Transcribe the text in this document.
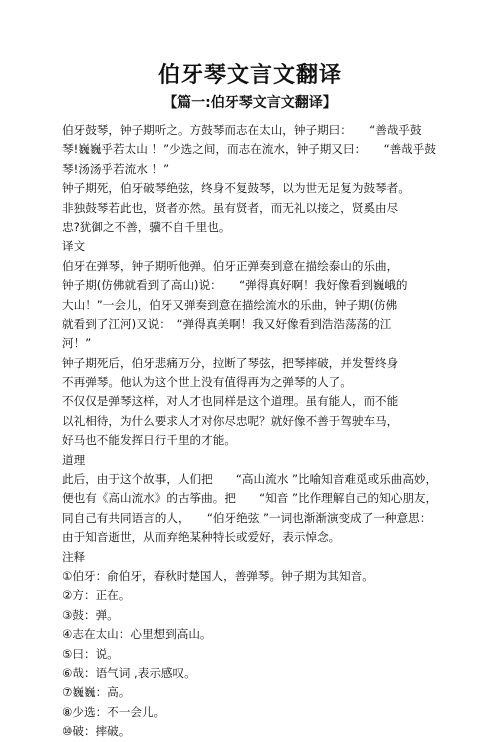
伯牙琴文言文翻译
【篇一:伯牙琴文言文翻译】
伯牙鼓琴，钟子期听之。方鼓琴而志在太山，钟子期曰：　　“善哉乎鼓
琴!巍巍乎若太山 ！”少选之间，而志在流水，钟子期又曰：　　“善哉乎鼓
琴!汤汤乎若流水 ！”
钟子期死，伯牙破琴绝弦，终身不复鼓琴，以为世无足复为鼓琴者。
非独鼓琴若此也，贤者亦然。虽有贤者，而无礼以接之，贤奚由尽
忠?犹御之不善，骥不自千里也。
译文
伯牙在弹琴，钟子期听他弹。伯牙正弹奏到意在描绘泰山的乐曲，
钟子期(仿佛就看到了高山)说：　　“弹得真好啊！我好像看到巍峨的
大山！”一会儿，伯牙又弹奏到意在描绘流水的乐曲，钟子期(仿佛
就看到了江河)又说：　“弹得真美啊！我又好像看到浩浩荡荡的江
河！”
钟子期死后，伯牙悲痛万分，拉断了琴弦，把琴摔破，并发誓终身
不再弹琴。他认为这个世上没有值得再为之弹琴的人了。
不仅仅是弹琴这样，对人才也同样是这个道理。虽有能人，而不能
以礼相待，为什么要求人才对你尽忠呢？就好像不善于驾驶车马，
好马也不能发挥日行千里的才能。
道理
此后，由于这个故事，人们把　　“高山流水 ”比喻知音难觅或乐曲高妙，
便也有《高山流水》的古筝曲。把　　“知音 ”比作理解自己的知心朋友，
同自己有共同语言的人，　　“伯牙绝弦 ”一词也渐渐演变成了一种意思：
由于知音逝世，从而弃绝某种特长或爱好，表示悼念。
注释
①伯牙：俞伯牙，春秋时楚国人，善弹琴。钟子期为其知音。
②方：正在。
③鼓：弹。
④志在太山：心里想到高山。
⑤曰：说。
⑥哉：语气词 ,表示感叹。
⑦巍巍：高。
⑧少选：不一会儿。
⑩破：摔破。
